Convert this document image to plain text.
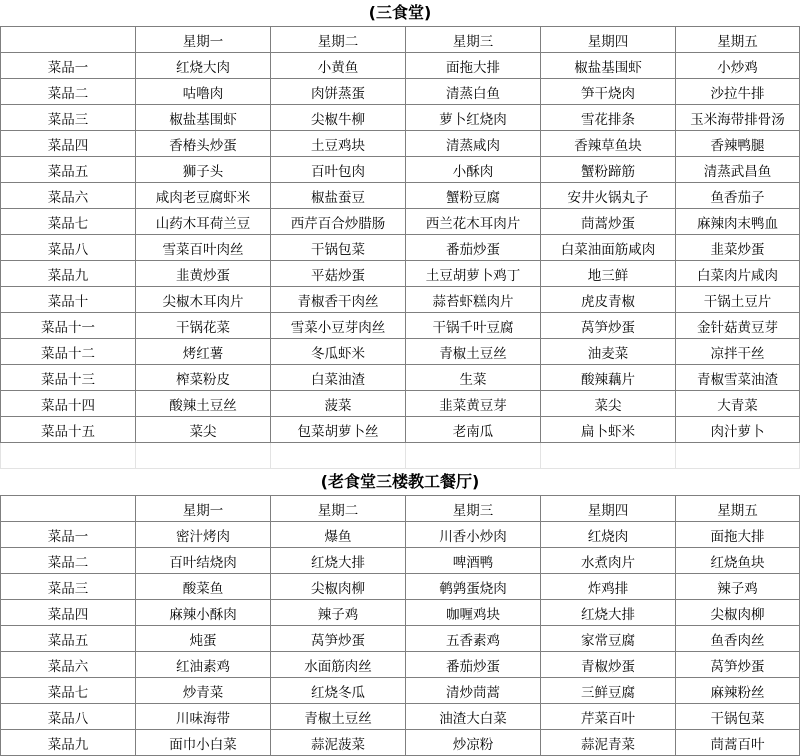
(三食堂)
	星期一	星期二	星期三	星期四	星期五
菜品一	红烧大肉	小黄鱼	面拖大排	椒盐基围虾	小炒鸡
菜品二	咕噜肉	肉饼蒸蛋	清蒸白鱼	笋干烧肉	沙拉牛排
菜品三	椒盐基围虾	尖椒牛柳	萝卜红烧肉	雪花排条	玉米海带排骨汤
菜品四	香椿头炒蛋	土豆鸡块	清蒸咸肉	香辣草鱼块	香辣鸭腿
菜品五	狮子头	百叶包肉	小酥肉	蟹粉蹄筋	清蒸武昌鱼
菜品六	咸肉老豆腐虾米	椒盐蚕豆	蟹粉豆腐	安井火锅丸子	鱼香茄子
菜品七	山药木耳荷兰豆	西芹百合炒腊肠	西兰花木耳肉片	茼蒿炒蛋	麻辣肉末鸭血
菜品八	雪菜百叶肉丝	干锅包菜	番茄炒蛋	白菜油面筋咸肉	韭菜炒蛋
菜品九	韭黄炒蛋	平菇炒蛋	土豆胡萝卜鸡丁	地三鲜	白菜肉片咸肉
菜品十	尖椒木耳肉片	青椒香干肉丝	蒜苔虾糕肉片	虎皮青椒	干锅土豆片
菜品十一	干锅花菜	雪菜小豆芽肉丝	干锅千叶豆腐	莴笋炒蛋	金针菇黄豆芽
菜品十二	烤红薯	冬瓜虾米	青椒土豆丝	油麦菜	凉拌干丝
菜品十三	榨菜粉皮	白菜油渣	生菜	酸辣藕片	青椒雪菜油渣
菜品十四	酸辣土豆丝	菠菜	韭菜黄豆芽	菜尖	大青菜
菜品十五	菜尖	包菜胡萝卜丝	老南瓜	扁卜虾米	肉汁萝卜

(老食堂三楼教工餐厅)
	星期一	星期二	星期三	星期四	星期五
菜品一	密汁烤肉	爆鱼	川香小炒肉	红烧肉	面拖大排
菜品二	百叶结烧肉	红烧大排	啤酒鸭	水煮肉片	红烧鱼块
菜品三	酸菜鱼	尖椒肉柳	鹌鹑蛋烧肉	炸鸡排	辣子鸡
菜品四	麻辣小酥肉	辣子鸡	咖喱鸡块	红烧大排	尖椒肉柳
菜品五	炖蛋	莴笋炒蛋	五香素鸡	家常豆腐	鱼香肉丝
菜品六	红油素鸡	水面筋肉丝	番茄炒蛋	青椒炒蛋	莴笋炒蛋
菜品七	炒青菜	红烧冬瓜	清炒茼蒿	三鲜豆腐	麻辣粉丝
菜品八	川味海带	青椒土豆丝	油渣大白菜	芹菜百叶	干锅包菜
菜品九	面巾小白菜	蒜泥菠菜	炒凉粉	蒜泥青菜	茼蒿百叶
